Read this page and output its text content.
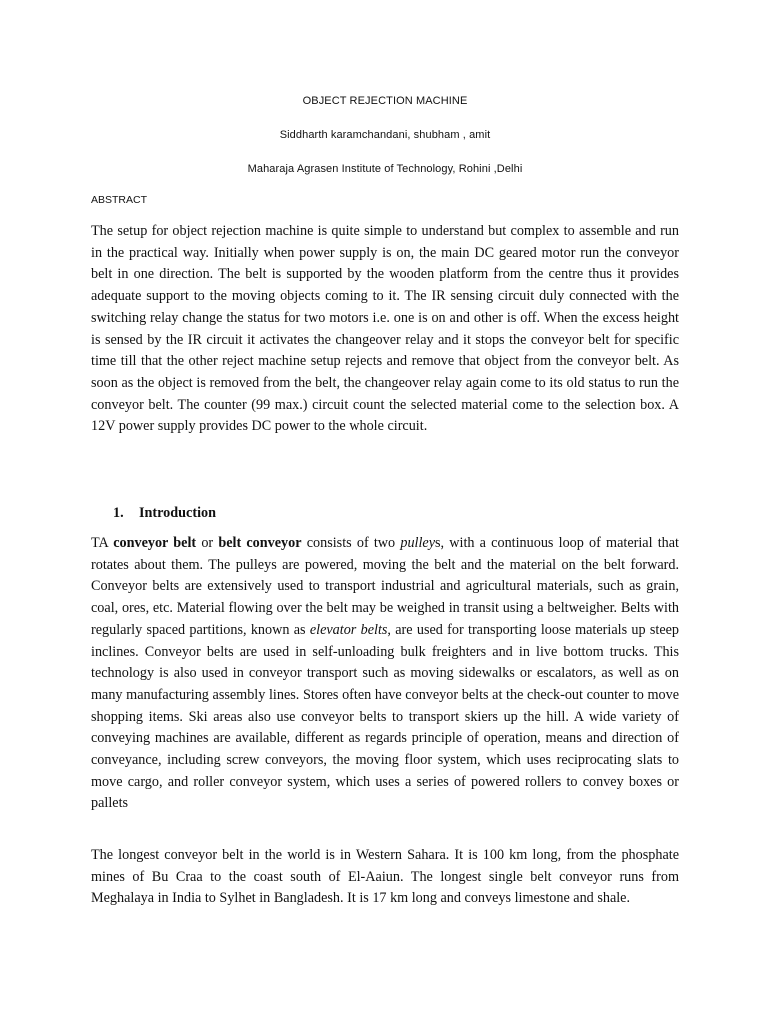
OBJECT REJECTION MACHINE

Siddharth karamchandani, shubham , amit

Maharaja Agrasen Institute of Technology, Rohini ,Delhi

ABSTRACT

The setup for object rejection machine is quite simple to understand but complex to assemble and run in the practical way. Initially when power supply is on, the main DC geared motor run the conveyor belt in one direction. The belt is supported by the wooden platform from the centre thus it provides adequate support to the moving objects coming to it. The IR sensing circuit duly connected with the switching relay change the status for two motors i.e. one is on and other is off. When the excess height is sensed by the IR circuit it activates the changeover relay and it stops the conveyor belt for specific time till that the other reject machine setup rejects and remove that object from the conveyor belt. As soon as the object is removed from the belt, the changeover relay again come to its old status to run the conveyor belt. The counter (99 max.) circuit count the selected material come to the selection box. A 12V power supply provides DC power to the whole circuit.

1. Introduction

TA conveyor belt or belt conveyor consists of two pulleys, with a continuous loop of material that rotates about them. The pulleys are powered, moving the belt and the material on the belt forward. Conveyor belts are extensively used to transport industrial and agricultural materials, such as grain, coal, ores, etc. Material flowing over the belt may be weighed in transit using a beltweigher. Belts with regularly spaced partitions, known as elevator belts, are used for transporting loose materials up steep inclines. Conveyor belts are used in self-unloading bulk freighters and in live bottom trucks. This technology is also used in conveyor transport such as moving sidewalks or escalators, as well as on many manufacturing assembly lines. Stores often have conveyor belts at the check-out counter to move shopping items. Ski areas also use conveyor belts to transport skiers up the hill. A wide variety of conveying machines are available, different as regards principle of operation, means and direction of conveyance, including screw conveyors, the moving floor system, which uses reciprocating slats to move cargo, and roller conveyor system, which uses a series of powered rollers to convey boxes or pallets

The longest conveyor belt in the world is in Western Sahara. It is 100 km long, from the phosphate mines of Bu Craa to the coast south of El-Aaiun. The longest single belt conveyor runs from Meghalaya in India to Sylhet in Bangladesh. It is 17 km long and conveys limestone and shale.
